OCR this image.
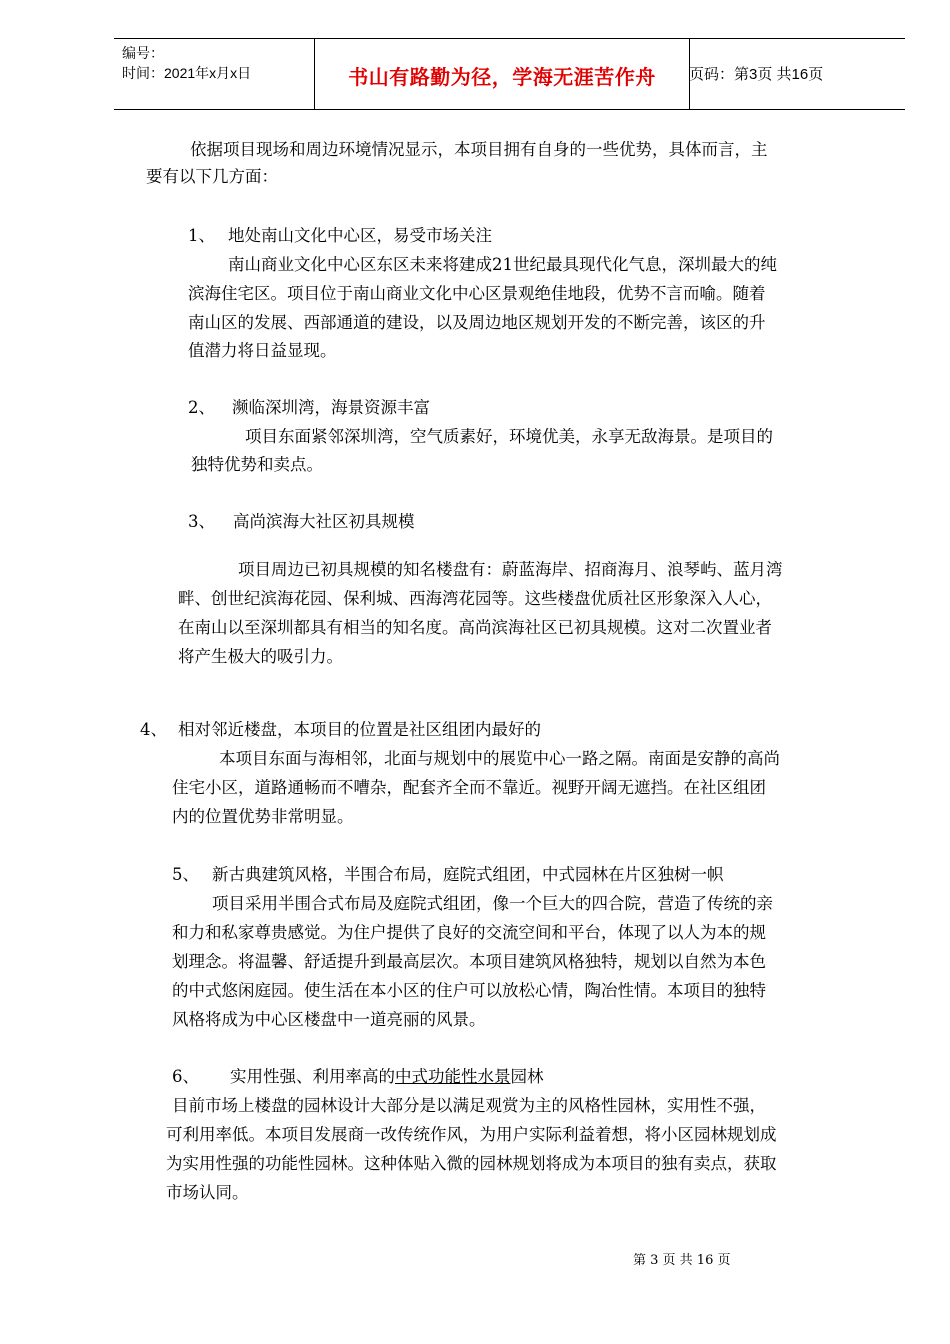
编号：
时间：2021年x月x日	书山有路勤为径，学海无涯苦作舟	页码：第3页 共16页
依据项目现场和周边环境情况显示，本项目拥有自身的一些优势，具体而言，主
要有以下几方面：
1、 地处南山文化中心区，易受市场关注
南山商业文化中心区东区未来将建成21世纪最具现代化气息，深圳最大的纯
滨海住宅区。项目位于南山商业文化中心区景观绝佳地段，优势不言而喻。随着
南山区的发展、西部通道的建设，以及周边地区规划开发的不断完善，该区的升
值潜力将日益显现。
2、 濒临深圳湾，海景资源丰富
项目东面紧邻深圳湾，空气质素好，环境优美，永享无敌海景。是项目的
独特优势和卖点。
3、 高尚滨海大社区初具规模
项目周边已初具规模的知名楼盘有：蔚蓝海岸、招商海月、浪琴屿、蓝月湾
畔、创世纪滨海花园、保利城、西海湾花园等。这些楼盘优质社区形象深入人心，
在南山以至深圳都具有相当的知名度。高尚滨海社区已初具规模。这对二次置业者
将产生极大的吸引力。
4、 相对邻近楼盘，本项目的位置是社区组团内最好的
本项目东面与海相邻，北面与规划中的展览中心一路之隔。南面是安静的高尚
住宅小区，道路通畅而不嘈杂，配套齐全而不靠近。视野开阔无遮挡。在社区组团
内的位置优势非常明显。
5、 新古典建筑风格，半围合布局，庭院式组团，中式园林在片区独树一帜
项目采用半围合式布局及庭院式组团，像一个巨大的四合院，营造了传统的亲
和力和私家尊贵感觉。为住户提供了良好的交流空间和平台，体现了以人为本的规
划理念。将温馨、舒适提升到最高层次。本项目建筑风格独特，规划以自然为本色
的中式悠闲庭园。使生活在本小区的住户可以放松心情，陶冶性情。本项目的独特
风格将成为中心区楼盘中一道亮丽的风景。
6、 实用性强、利用率高的中式功能性水景园林
目前市场上楼盘的园林设计大部分是以满足观赏为主的风格性园林，实用性不强，
可利用率低。本项目发展商一改传统作风，为用户实际利益着想，将小区园林规划成
为实用性强的功能性园林。这种体贴入微的园林规划将成为本项目的独有卖点，获取
市场认同。
第 3 页 共 16 页
